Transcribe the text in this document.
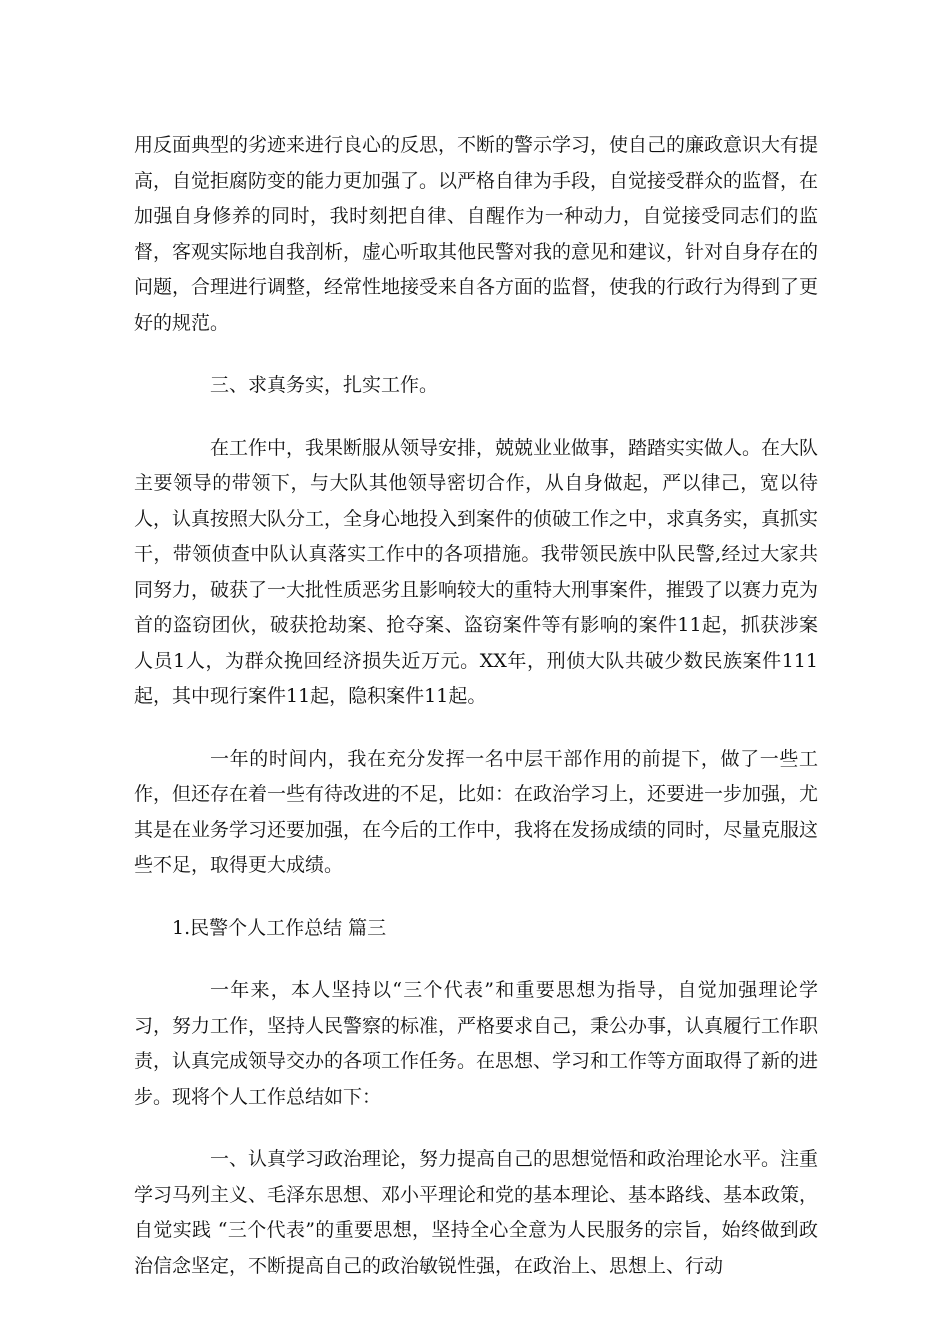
用反面典型的劣迹来进行良心的反思，不断的警示学习，使自己的廉政意识大有提高，自觉拒腐防变的能力更加强了。以严格自律为手段，自觉接受群众的监督，在加强自身修养的同时，我时刻把自律、自醒作为一种动力，自觉接受同志们的监督，客观实际地自我剖析，虚心听取其他民警对我的意见和建议，针对自身存在的问题，合理进行调整，经常性地接受来自各方面的监督，使我的行政行为得到了更好的规范。

三、求真务实，扎实工作。

在工作中，我果断服从领导安排，兢兢业业做事，踏踏实实做人。在大队主要领导的带领下，与大队其他领导密切合作，从自身做起，严以律己，宽以待人，认真按照大队分工，全身心地投入到案件的侦破工作之中，求真务实，真抓实干，带领侦查中队认真落实工作中的各项措施。我带领民族中队民警,经过大家共同努力，破获了一大批性质恶劣且影响较大的重特大刑事案件，摧毁了以赛力克为首的盗窃团伙，破获抢劫案、抢夺案、盗窃案件等有影响的案件11起，抓获涉案人员1人，为群众挽回经济损失近万元。XX年，刑侦大队共破少数民族案件111起，其中现行案件11起，隐积案件11起。

一年的时间内，我在充分发挥一名中层干部作用的前提下，做了一些工作，但还存在着一些有待改进的不足，比如：在政治学习上，还要进一步加强，尤其是在业务学习还要加强，在今后的工作中，我将在发扬成绩的同时，尽量克服这些不足，取得更大成绩。

1.民警个人工作总结 篇三

一年来，本人坚持以“三个代表”和重要思想为指导，自觉加强理论学习，努力工作，坚持人民警察的标准，严格要求自己，秉公办事，认真履行工作职责，认真完成领导交办的各项工作任务。在思想、学习和工作等方面取得了新的进步。现将个人工作总结如下：

一、认真学习政治理论，努力提高自己的思想觉悟和政治理论水平。注重学习马列主义、毛泽东思想、邓小平理论和党的基本理论、基本路线、基本政策，自觉实践 “三个代表”的重要思想，坚持全心全意为人民服务的宗旨，始终做到政治信念坚定，不断提高自己的政治敏锐性强，在政治上、思想上、行动
